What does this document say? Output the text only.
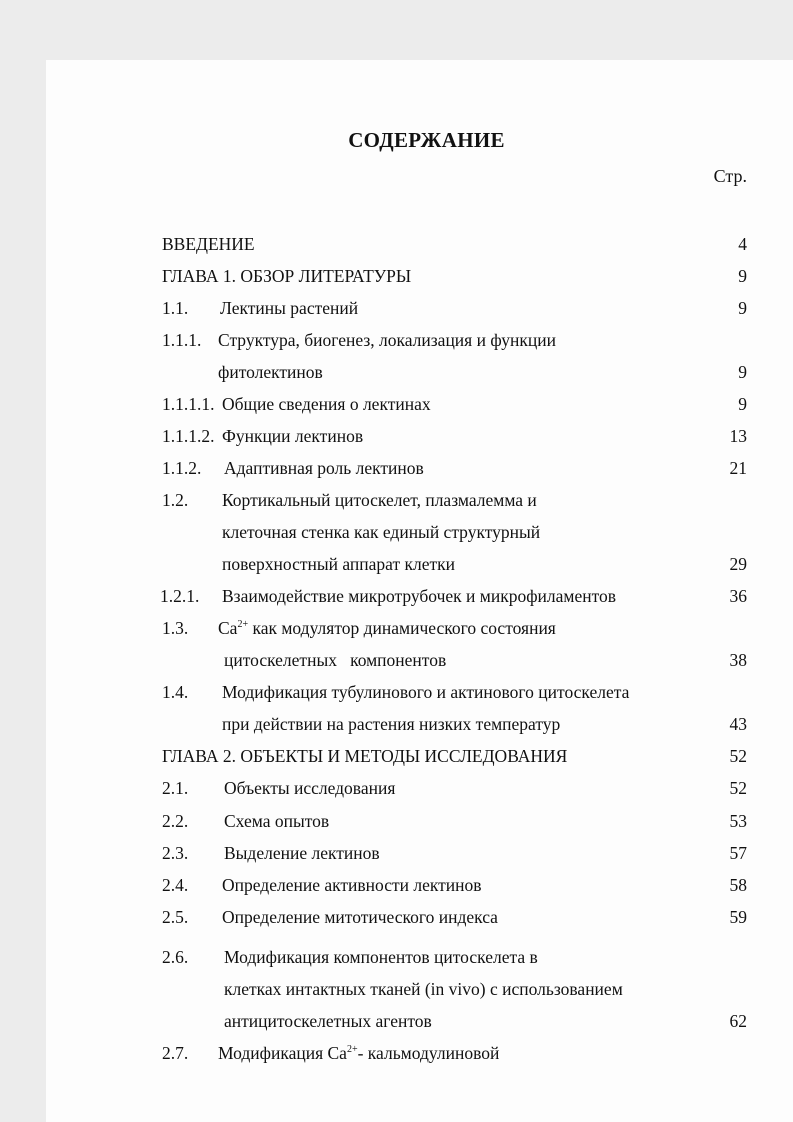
СОДЕРЖАНИЕ
Стр.
ВВЕДЕНИЕ	4
ГЛАВА 1. ОБЗОР ЛИТЕРАТУРЫ	9
1.1. Лектины растений	9
1.1.1. Структура, биогенез, локализация и функции
фитолектинов	9
1.1.1.1. Общие сведения о лектинах	9
1.1.1.2. Функции лектинов	13
1.1.2. Адаптивная роль лектинов	21
1.2. Кортикальный цитоскелет, плазмалемма и
клеточная стенка как единый структурный
поверхностный аппарат клетки	29
1.2.1. Взаимодействие микротрубочек и микрофиламентов	36
1.3. $Ca^{2+}$ как модулятор динамического состояния
цитоскелетных   компонентов	38
1.4. Модификация тубулинового и актинового цитоскелета
при действии на растения низких температур	43
ГЛАВА 2. ОБЪЕКТЫ И МЕТОДЫ ИССЛЕДОВАНИЯ	52
2.1. Объекты исследования	52
2.2. Схема опытов	53
2.3. Выделение лектинов	57
2.4. Определение активности лектинов	58
2.5. Определение митотического индекса	59
2.6. Модификация компонентов цитоскелета в
клетках интактных тканей (in vivo) с использованием
антицитоскелетных агентов	62
2.7. Модификация $Ca^{2+}-$ кальмодулиновой
